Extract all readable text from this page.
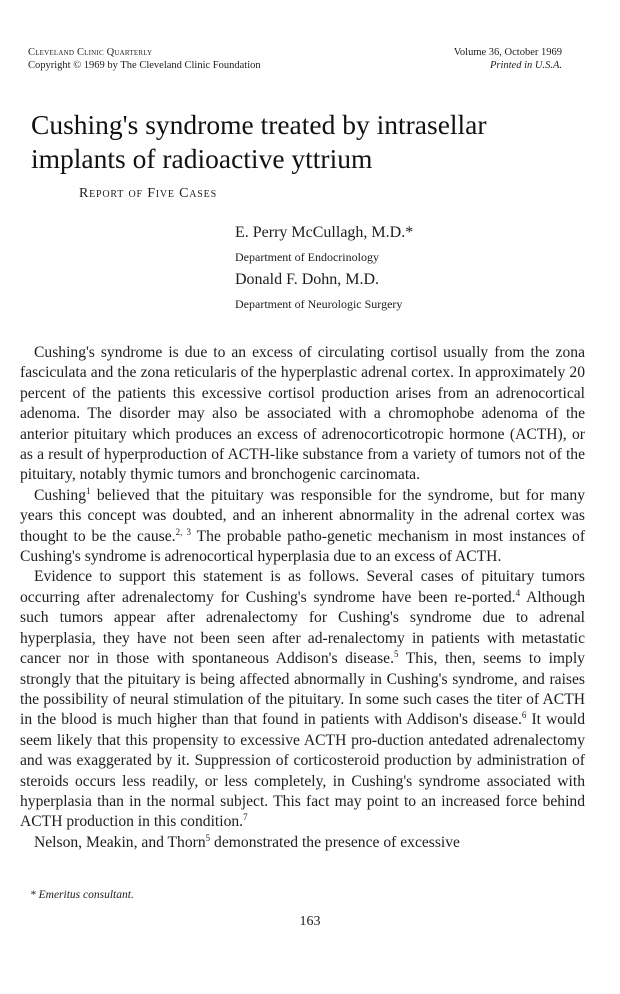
Cleveland Clinic Quarterly
Copyright © 1969 by The Cleveland Clinic Foundation
Volume 36, October 1969
Printed in U.S.A.
Cushing's syndrome treated by intrasellar
implants of radioactive yttrium
Report of Five Cases
E. Perry McCullagh, M.D.*
Department of Endocrinology
Donald F. Dohn, M.D.
Department of Neurologic Surgery

Cushing's syndrome is due to an excess of circulating cortisol usually from the zona fasciculata and the zona reticularis of the hyperplastic adrenal cortex. In approximately 20 percent of the patients this excessive cortisol production arises from an adrenocortical adenoma. The disorder may also be associated with a chromophobe adenoma of the anterior pituitary which produces an excess of adrenocorticotropic hormone (ACTH), or as a result of hyperproduction of ACTH-like substance from a variety of tumors not of the pituitary, notably thymic tumors and bronchogenic carcinomata.

Cushing$^1$ believed that the pituitary was responsible for the syndrome, but for many years this concept was doubted, and an inherent abnormality in the adrenal cortex was thought to be the cause.$^{2, 3}$ The probable patho-genetic mechanism in most instances of Cushing's syndrome is adrenocortical hyperplasia due to an excess of ACTH.

Evidence to support this statement is as follows. Several cases of pituitary tumors occurring after adrenalectomy for Cushing's syndrome have been re-ported.$^4$ Although such tumors appear after adrenalectomy for Cushing's syndrome due to adrenal hyperplasia, they have not been seen after ad-renalectomy in patients with metastatic cancer nor in those with spontaneous Addison's disease.$^5$ This, then, seems to imply strongly that the pituitary is being affected abnormally in Cushing's syndrome, and raises the possibility of neural stimulation of the pituitary. In some such cases the titer of ACTH in the blood is much higher than that found in patients with Addison's disease.$^6$ It would seem likely that this propensity to excessive ACTH pro-duction antedated adrenalectomy and was exaggerated by it. Suppression of corticosteroid production by administration of steroids occurs less readily, or less completely, in Cushing's syndrome associated with hyperplasia than in the normal subject. This fact may point to an increased force behind ACTH production in this condition.$^7$

Nelson, Meakin, and Thorn$^5$ demonstrated the presence of excessive

* Emeritus consultant.
163
